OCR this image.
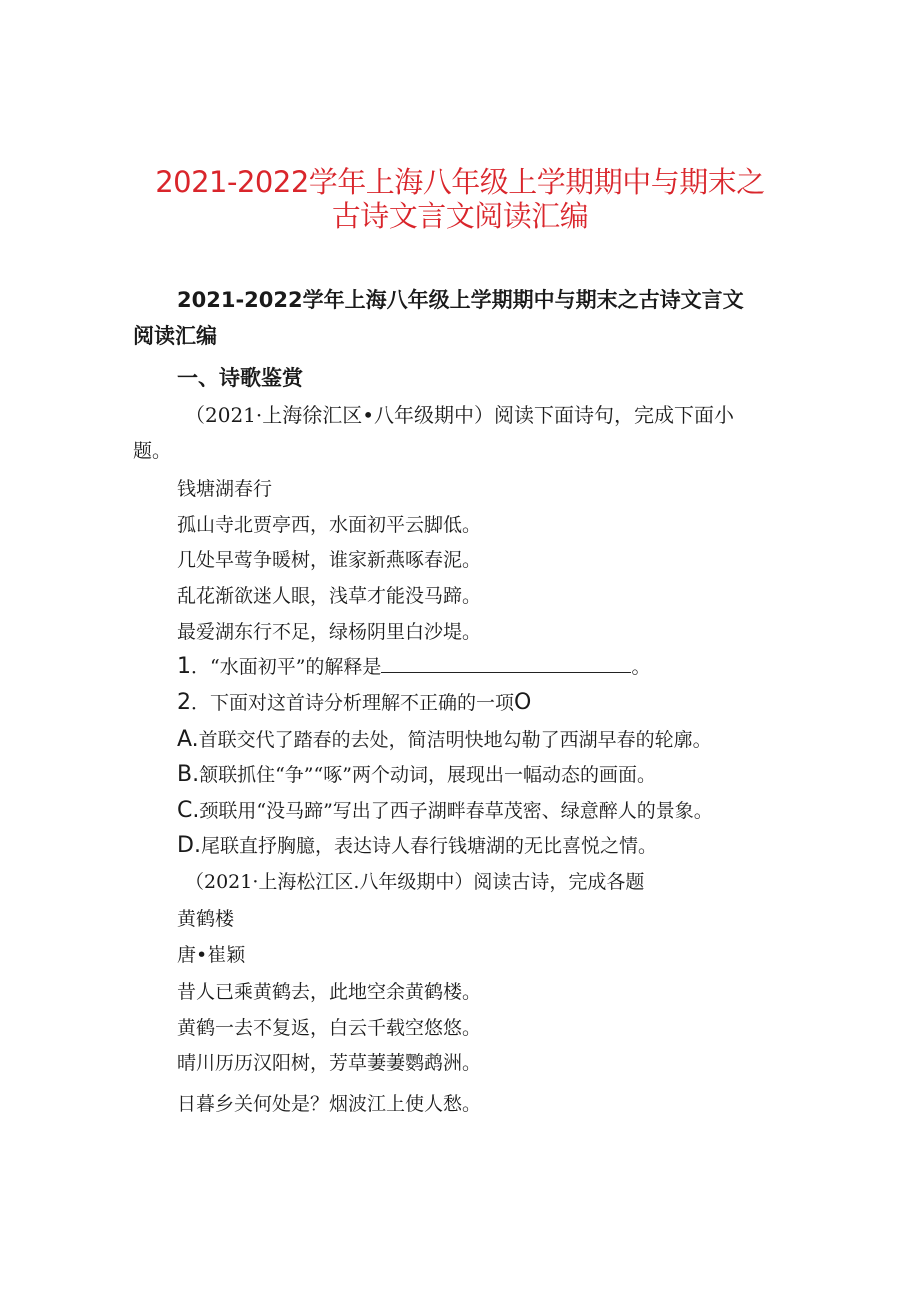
2021-2022学年上海八年级上学期期中与期末之
古诗文言文阅读汇编

2021-2022学年上海八年级上学期期中与期末之古诗文言文

阅读汇编

一、诗歌鉴赏

（2021·上海徐汇区•八年级期中）阅读下面诗句，完成下面小

题。

钱塘湖春行

孤山寺北贾亭西，水面初平云脚低。

几处早莺争暖树，谁家新燕啄春泥。

乱花渐欲迷人眼，浅草才能没马蹄。

最爱湖东行不足，绿杨阴里白沙堤。

1．“水面初平”的解释是	。

2．下面对这首诗分析理解不正确的一项O

A.首联交代了踏春的去处，简洁明快地勾勒了西湖早春的轮廓。

B.颔联抓住“争”“啄”两个动词，展现出一幅动态的画面。

C.颈联用“没马蹄”写出了西子湖畔春草茂密、绿意醉人的景象。

D.尾联直抒胸臆，表达诗人春行钱塘湖的无比喜悦之情。

（2021·上海松江区.八年级期中）阅读古诗，完成各题

黄鹤楼

唐•崔颖

昔人已乘黄鹤去，此地空余黄鹤楼。

黄鹤一去不复返，白云千载空悠悠。

晴川历历汉阳树，芳草萋萋鹦鹉洲。

日暮乡关何处是？烟波江上使人愁。
